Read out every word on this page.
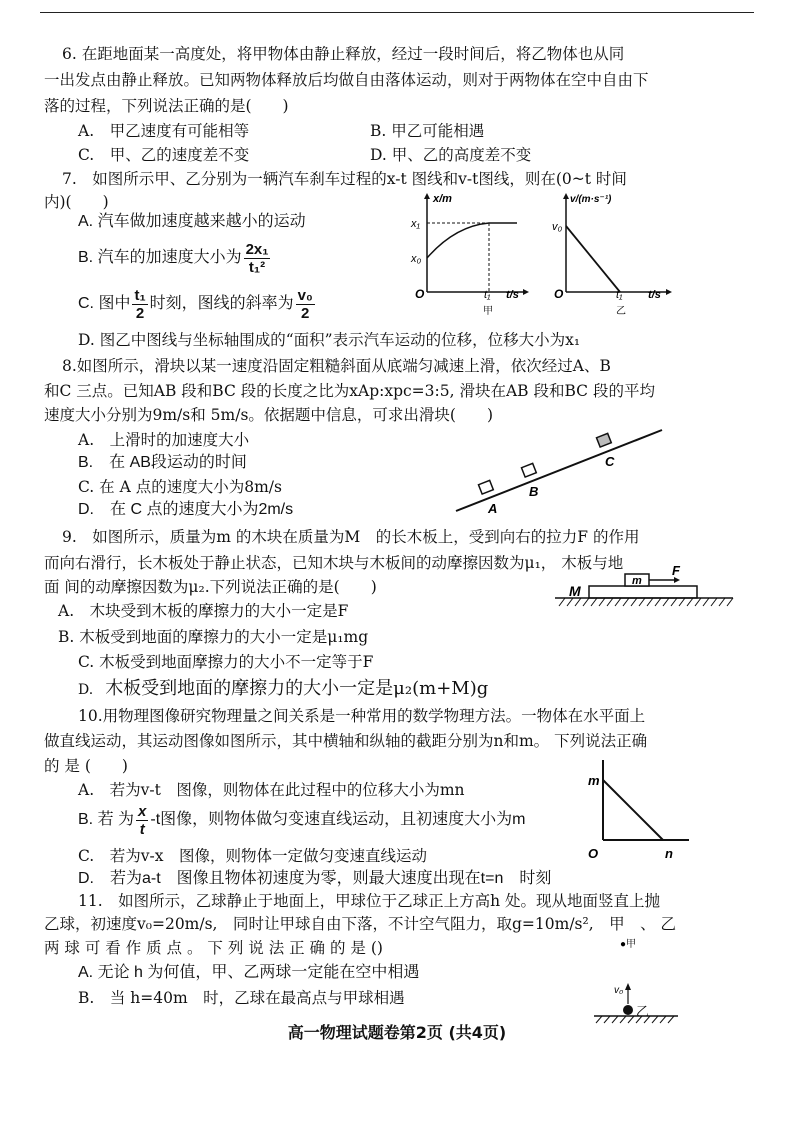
6. 在距地面某一高度处，将甲物体由静止释放，经过一段时间后，将乙物体也从同
一出发点由静止释放。已知两物体释放后均做自由落体运动，则对于两物体在空中自由下
落的过程，下列说法正确的是(　　)
A.　甲乙速度有可能相等	B. 甲乙可能相遇
C.　甲、乙的速度差不变	D. 甲、乙的高度差不变
7.　如图所示甲、乙分别为一辆汽车刹车过程的x-t 图线和v-t图线，则在(0~t 时间
内)(　　)
A. 汽车做加速度越来越小的运动
B. 汽车的加速度大小为 $\frac{\text{2x₁}}{\text{t₁²}}$
C. 图中 $\frac{\text{t₁}}{2}$ 时刻，图线的斜率为 $\frac{\text{v₀}}{2}$
D. 图乙中图线与坐标轴围成的“面积”表示汽车运动的位移，位移大小为x₁
x/m
x₁
x₀
O	t₁ t/s
甲
v/(m·s⁻¹)
v₀
O	t₁ t/s
乙
8.如图所示，滑块以某一速度沿固定粗糙斜面从底端匀减速上滑，依次经过A、B
和C 三点。已知AB 段和BC 段的长度之比为xAp:xpc=3:5, 滑块在AB 段和BC 段的平均
速度大小分别为9m/s和 5m/s。依据题中信息，可求出滑块(　　)
A.　上滑时的加速度大小
B.　在 AB段运动的时间
C. 在 A 点的速度大小为8m/s
D.　在 C 点的速度大小为2m/s	A
B
C
9.　如图所示，质量为m 的木块在质量为M　的长木板上，受到向右的拉力F 的作用
而向右滑行，长木板处于静止状态，已知木块与木板间的动摩擦因数为μ₁， 木板与地
面 间的动摩擦因数为μ₂.下列说法正确的是(　　)
A.　木块受到木板的摩擦力的大小一定是F
B. 木板受到地面的摩擦力的大小一定是μ₁mg
C. 木板受到地面摩擦力的大小不一定等于F
D. 木板受到地面的摩擦力的大小一定是μ₂(m+M)g
M
m
F
10.用物理图像研究物理量之间关系是一种常用的数学物理方法。一物体在水平面上
做直线运动，其运动图像如图所示，其中横轴和纵轴的截距分别为n和m。 下列说法正确
的 是 (　　)
A.　若为v-t　图像，则物体在此过程中的位移大小为mn
B. 若 为 $\frac{x}{t} -t$图像，则物体做匀变速直线运动，且初速度大小为m
C.　若为v-x　图像，则物体一定做匀变速直线运动
D.　若为a-t　图像且物体初速度为零，则最大速度出现在t=n　时刻
m
O	n
11.　如图所示，乙球静止于地面上，甲球位于乙球正上方高h 处。现从地面竖直上抛
乙球，初速度v₀=20m/s,　同时让甲球自由下落，不计空气阻力，取g=10m/s²,　甲　、 乙
两 球 可 看 作 质 点 。 下 列 说 法 正 确 的 是 ()
A. 无论 h 为何值，甲、乙两球一定能在空中相遇
B.　当 h=40m　时，乙球在最高点与甲球相遇
●甲
v₀
乙
高一物理试题卷第2页 (共4页)
